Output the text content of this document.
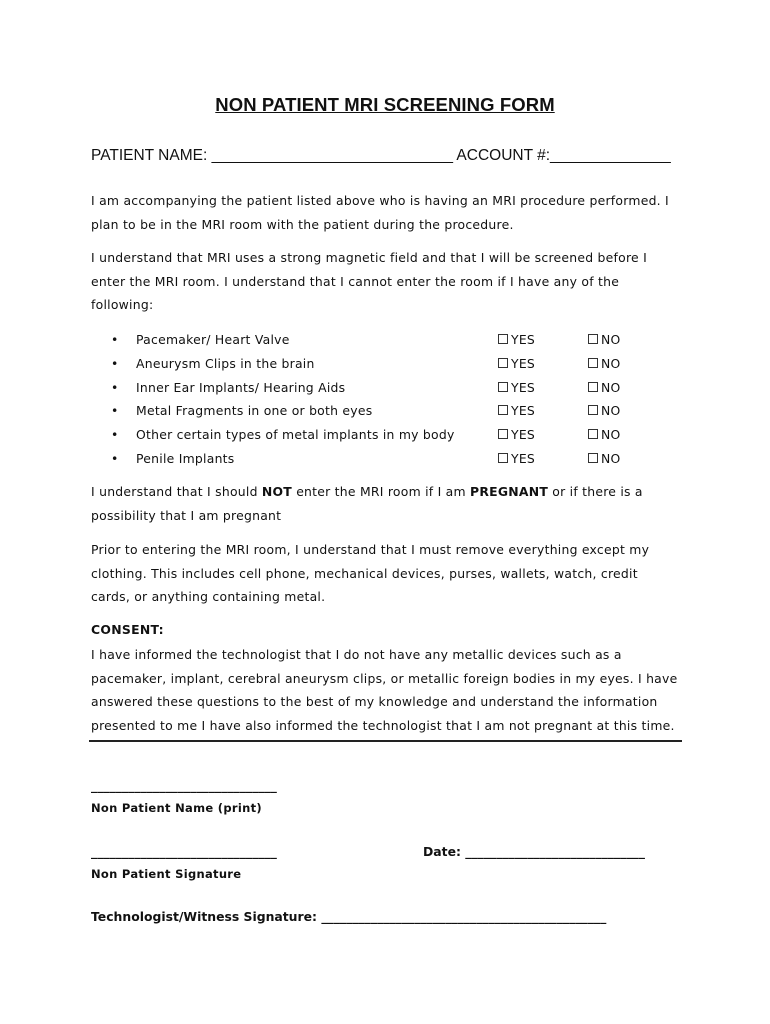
NON PATIENT MRI SCREENING FORM
PATIENT NAME: ____________________________ ACCOUNT #:______________
I am accompanying the patient listed above who is having an MRI procedure performed. I plan to be in the MRI room with the patient during the procedure.
I understand that MRI uses a strong magnetic field and that I will be screened before I enter the MRI room. I understand that I cannot enter the room if I have any of the following:
• Pacemaker/ Heart Valve	YES	NO
• Aneurysm Clips in the brain	YES	NO
• Inner Ear Implants/ Hearing Aids	YES	NO
• Metal Fragments in one or both eyes	YES	NO
• Other certain types of metal implants in my body	YES	NO
• Penile Implants	YES	NO
I understand that I should NOT enter the MRI room if I am PREGNANT or if there is a possibility that I am pregnant
Prior to entering the MRI room, I understand that I must remove everything except my clothing. This includes cell phone, mechanical devices, purses, wallets, watch, credit cards, or anything containing metal.
CONSENT:
I have informed the technologist that I do not have any metallic devices such as a pacemaker, implant, cerebral aneurysm clips, or metallic foreign bodies in my eyes. I have answered these questions to the best of my knowledge and understand the information presented to me I have also informed the technologist that I am not pregnant at this time.
______________________________
Non Patient Name (print)
______________________________
Non Patient Signature
Date: _____________________________
Technologist/Witness Signature: ______________________________________________
